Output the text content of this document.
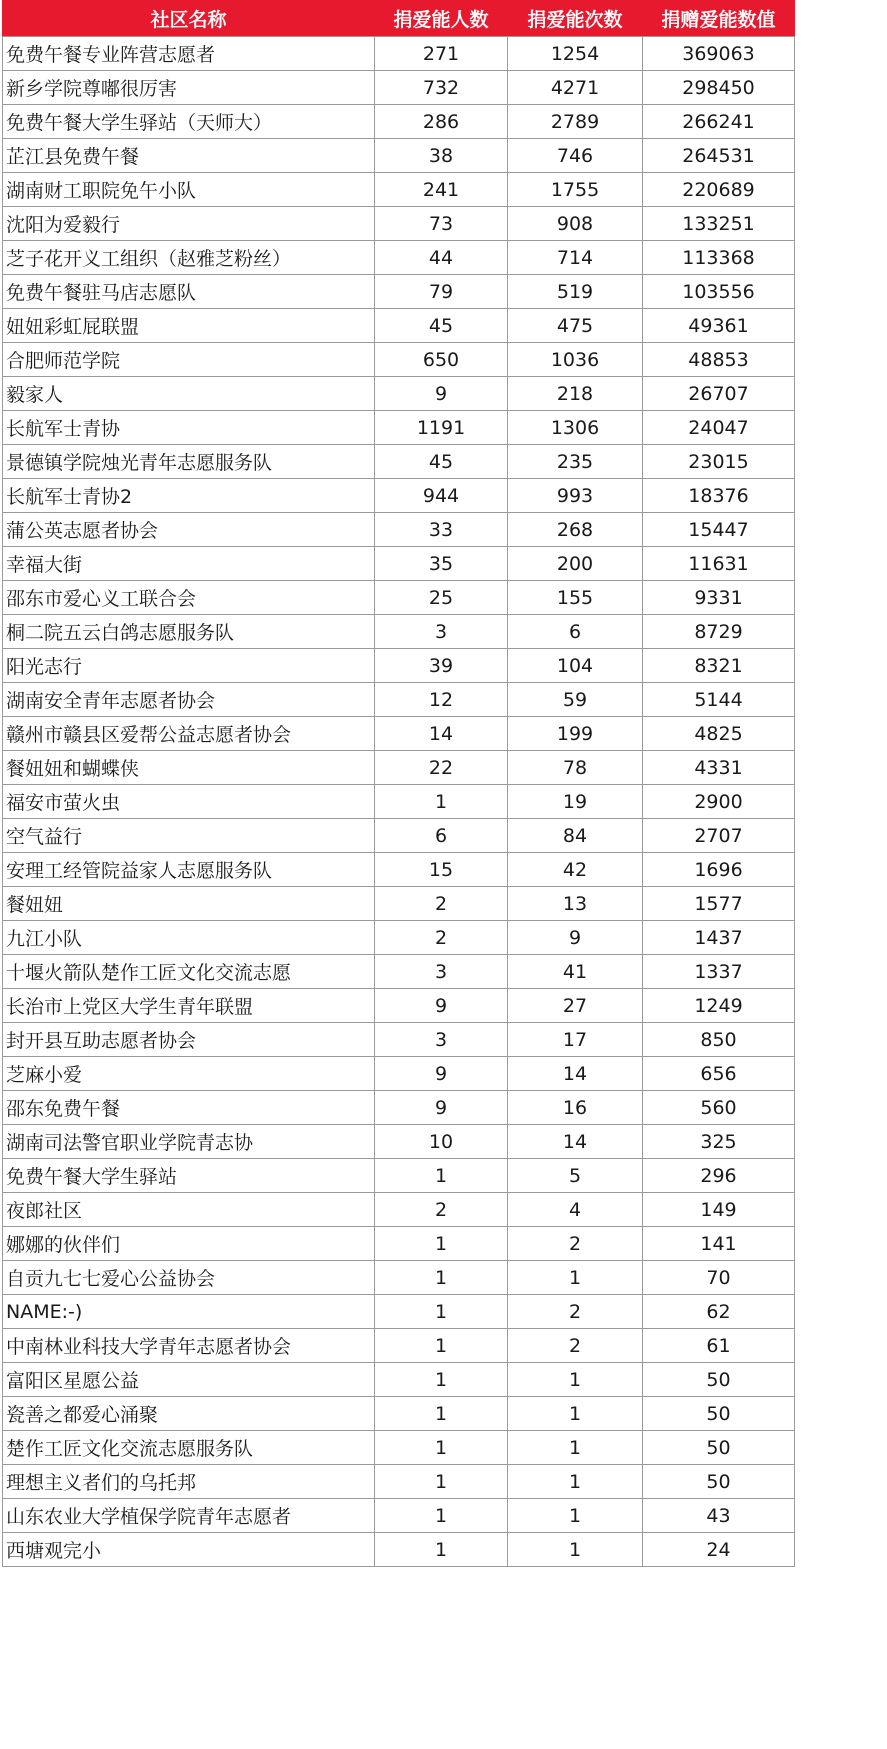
社区名称	捐爱能人数	捐爱能次数	捐赠爱能数值
免费午餐专业阵营志愿者	271	1254	369063
新乡学院尊嘟很厉害	732	4271	298450
免费午餐大学生驿站（天师大）	286	2789	266241
芷江县免费午餐	38	746	264531
湖南财工职院免午小队	241	1755	220689
沈阳为爱毅行	73	908	133251
芝子花开义工组织（赵雅芝粉丝）	44	714	113368
免费午餐驻马店志愿队	79	519	103556
妞妞彩虹屁联盟	45	475	49361
合肥师范学院	650	1036	48853
毅家人	9	218	26707
长航军士青协	1191	1306	24047
景德镇学院烛光青年志愿服务队	45	235	23015
长航军士青协2	944	993	18376
蒲公英志愿者协会	33	268	15447
幸福大街	35	200	11631
邵东市爱心义工联合会	25	155	9331
桐二院五云白鸽志愿服务队	3	6	8729
阳光志行	39	104	8321
湖南安全青年志愿者协会	12	59	5144
赣州市赣县区爱帮公益志愿者协会	14	199	4825
餐妞妞和蝴蝶侠	22	78	4331
福安市萤火虫	1	19	2900
空气益行	6	84	2707
安理工经管院益家人志愿服务队	15	42	1696
餐妞妞	2	13	1577
九江小队	2	9	1437
十堰火箭队楚作工匠文化交流志愿	3	41	1337
长治市上党区大学生青年联盟	9	27	1249
封开县互助志愿者协会	3	17	850
芝麻小爱	9	14	656
邵东免费午餐	9	16	560
湖南司法警官职业学院青志协	10	14	325
免费午餐大学生驿站	1	5	296
夜郎社区	2	4	149
娜娜的伙伴们	1	2	141
自贡九七七爱心公益协会	1	1	70
NAME:-)	1	2	62
中南林业科技大学青年志愿者协会	1	2	61
富阳区星愿公益	1	1	50
瓷善之都爱心涌聚	1	1	50
楚作工匠文化交流志愿服务队	1	1	50
理想主义者们的乌托邦	1	1	50
山东农业大学植保学院青年志愿者	1	1	43
西塘观完小	1	1	24
